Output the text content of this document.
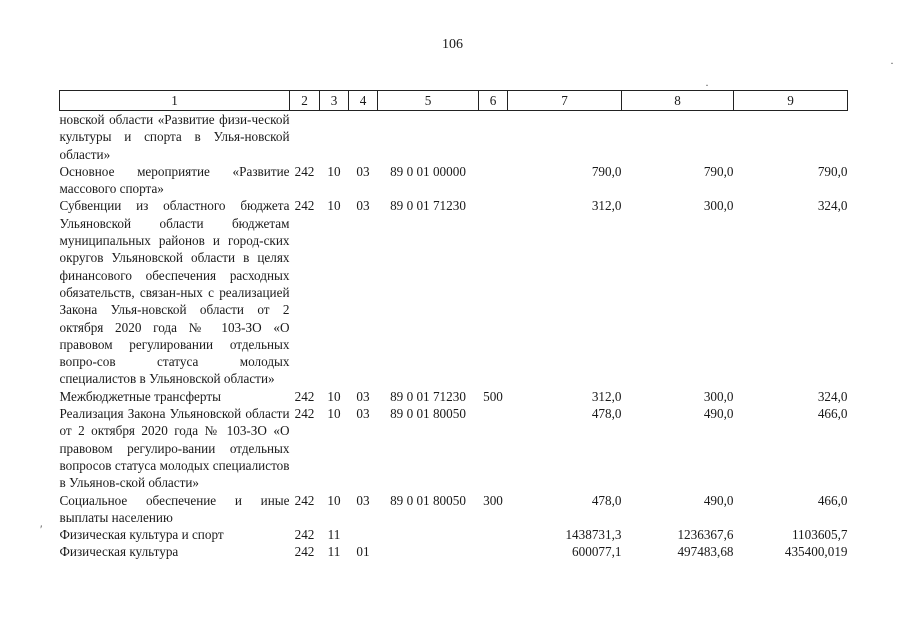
106
1	2	3	4	5	6	7	8	9
новской области «Развитие физи-ческой культуры и спорта в Улья-новской области»								
Основное мероприятие «Развитие массового спорта»	242	10	03	89 0 01 00000		790,0	790,0	790,0
Субвенции из областного бюджета Ульяновской области бюджетам муниципальных районов и город-ских округов Ульяновской области в целях финансового обеспечения расходных обязательств, связан-ных с реализацией Закона Улья-новской области от 2 октября 2020 года № 103-ЗО «О правовом регулировании отдельных вопро-сов статуса молодых специалистов в Ульяновской области»	242	10	03	89 0 01 71230		312,0	300,0	324,0
Межбюджетные трансферты	242	10	03	89 0 01 71230	500	312,0	300,0	324,0
Реализация Закона Ульяновской области от 2 октября 2020 года № 103-ЗО «О правовом регулиро-вании отдельных вопросов статуса молодых специалистов в Ульянов-ской области»	242	10	03	89 0 01 80050		478,0	490,0	466,0
Социальное обеспечение и иные выплаты населению	242	10	03	89 0 01 80050	300	478,0	490,0	466,0
Физическая культура и спорт	242	11				1438731,3	1236367,6	1103605,7
Физическая культура	242	11	01			600077,1	497483,68	435400,019
·
′
·
